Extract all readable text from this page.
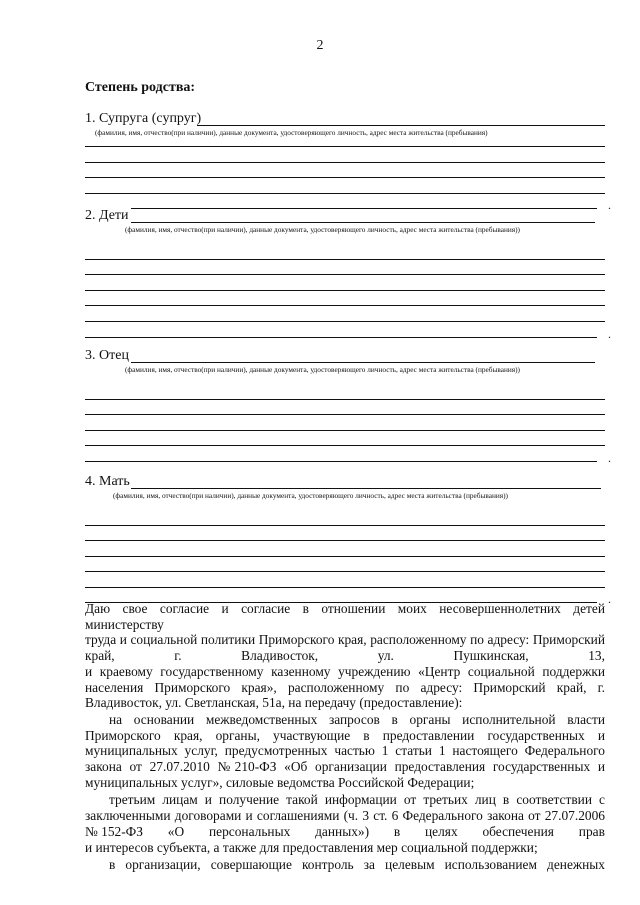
2
Степень родства:
1. Супруга (супруг)
(фамилия, имя, отчество(при наличии), данные документа, удостоверяющего личность, адрес места жительства (пребывания)
.
2. Дети
(фамилия, имя, отчество(при наличии), данные документа, удостоверяющего личность, адрес места жительства (пребывания))
.
3. Отец
(фамилия, имя, отчество(при наличии), данные документа, удостоверяющего личность, адрес места жительства (пребывания))
.
4. Мать
(фамилия, имя, отчество(при наличии), данные документа, удостоверяющего личность, адрес места жительства (пребывания))
.

Даю свое согласие и согласие в отношении моих несовершеннолетних детей министерству

труда и социальной политики Приморского края, расположенному по адресу: Приморский

край,	г.	Владивосток,	ул.	Пушкинская,	13,

и краевому государственному казенному учреждению «Центр социальной поддержки населения Приморского края», расположенному по адресу: Приморский край, г. Владивосток, ул. Светланская, 51а, на передачу (предоставление):

на основании межведомственных запросов в органы исполнительной власти Приморского края, органы, участвующие в предоставлении государственных и муниципальных услуг, предусмотренных частью 1 статьи 1 настоящего Федерального закона от 27.07.2010 №210-ФЗ «Об организации предоставления государственных и муниципальных услуг», силовые ведомства Российской Федерации;

третьим лицам и получение такой информации от третьих лиц в соответствии с заключенными договорами и соглашениями (ч. 3 ст. 6 Федерального закона от 27.07.2006

№ 152-ФЗ «О персональных данных») в целях обеспечения прав

и интересов субъекта, а также для предоставления мер социальной поддержки;

в организации, совершающие контроль за целевым использованием денежных
